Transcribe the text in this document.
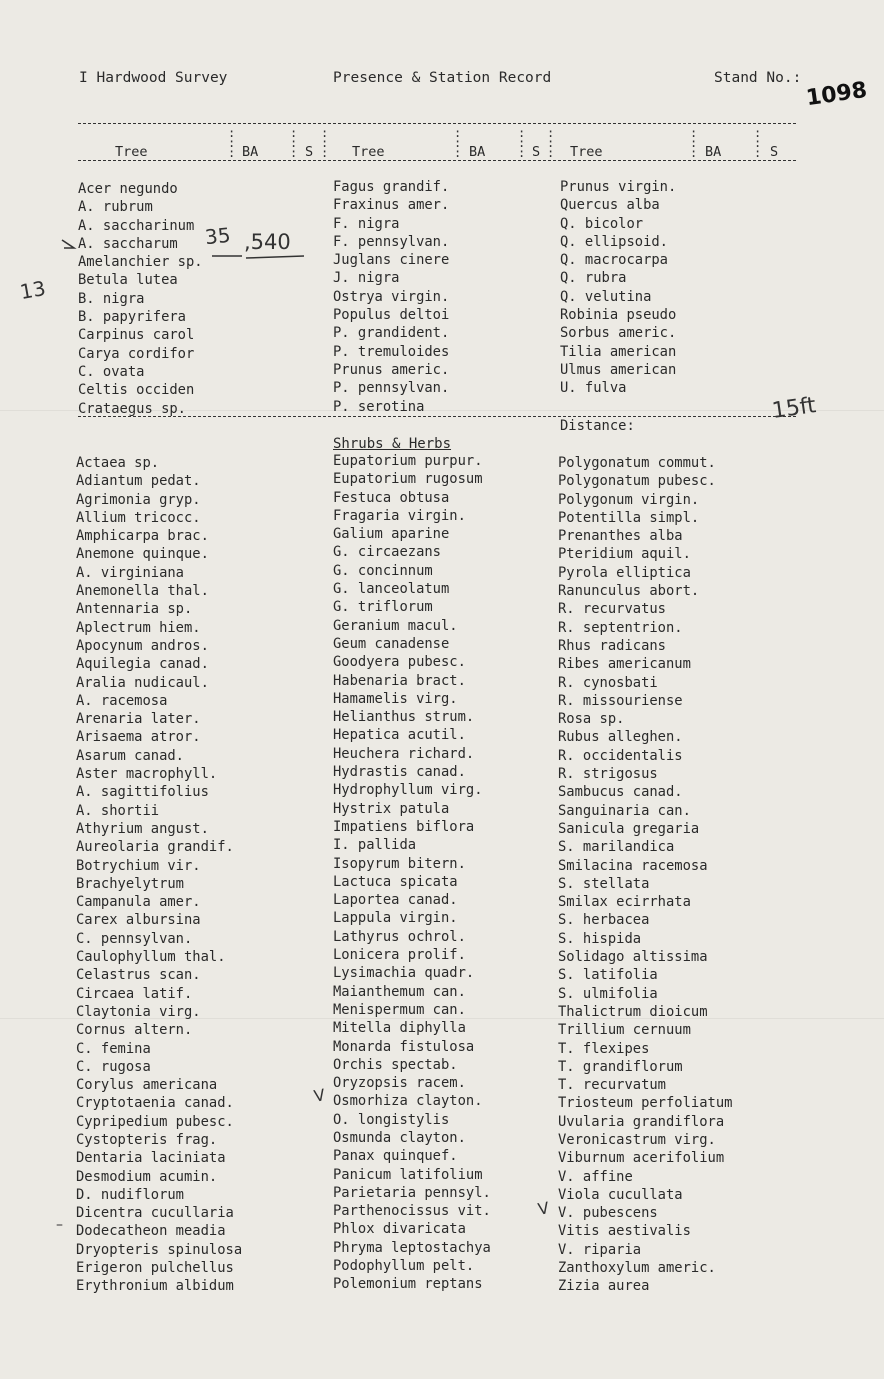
I Hardwood Survey	Presence & Station Record	Stand No.: 1098
Tree	BA	S	Tree	BA	S Tree	BA	S
:
:
:
:
:
:
:
:
:
:
:
:
:
:
:
:
:
:
:
:
:
:
:
:
Acer negundo
A. rubrum
A. saccharinum
A. saccharum
Amelanchier sp.
Betula lutea
B. nigra
B. papyrifera
Carpinus carol
Carya cordifor
C. ovata
Celtis occiden
Crataegus sp.
Fagus grandif.
Fraxinus amer.
F. nigra
F. pennsylvan.
Juglans cinere
J. nigra
Ostrya virgin.
Populus deltoi
P. grandident.
P. tremuloides
Prunus americ.
P. pennsylvan.
P. serotina
Prunus virgin.
Quercus alba
Q. bicolor
Q. ellipsoid.
Q. macrocarpa
Q. rubra
Q. velutina
Robinia pseudo
Sorbus americ.
Tilia american
Ulmus american
U. fulva
Distance:
Shrubs & Herbs
Actaea sp.
Adiantum pedat.
Agrimonia gryp.
Allium tricocc.
Amphicarpa brac.
Anemone quinque.
A. virginiana
Anemonella thal.
Antennaria sp.
Aplectrum hiem.
Apocynum andros.
Aquilegia canad.
Aralia nudicaul.
A. racemosa
Arenaria later.
Arisaema atror.
Asarum canad.
Aster macrophyll.
A. sagittifolius
A. shortii
Athyrium angust.
Aureolaria grandif.
Botrychium vir.
Brachyelytrum
Campanula amer.
Carex albursina
C. pennsylvan.
Caulophyllum thal.
Celastrus scan.
Circaea latif.
Claytonia virg.
Cornus altern.
C. femina
C. rugosa
Corylus americana
Cryptotaenia canad.
Cypripedium pubesc.
Cystopteris frag.
Dentaria laciniata
Desmodium acumin.
D. nudiflorum
Dicentra cucullaria
Dodecatheon meadia
Dryopteris spinulosa
Erigeron pulchellus
Erythronium albidum
Eupatorium purpur.
Eupatorium rugosum
Festuca obtusa
Fragaria virgin.
Galium aparine
G. circaezans
G. concinnum
G. lanceolatum
G. triflorum
Geranium macul.
Geum canadense
Goodyera pubesc.
Habenaria bract.
Hamamelis virg.
Helianthus strum.
Hepatica acutil.
Heuchera richard.
Hydrastis canad.
Hydrophyllum virg.
Hystrix patula
Impatiens biflora
I. pallida
Isopyrum bitern.
Lactuca spicata
Laportea canad.
Lappula virgin.
Lathyrus ochrol.
Lonicera prolif.
Lysimachia quadr.
Maianthemum can.
Menispermum can.
Mitella diphylla
Monarda fistulosa
Orchis spectab.
Oryzopsis racem.
Osmorhiza clayton.
O. longistylis
Osmunda clayton.
Panax quinquef.
Panicum latifolium
Parietaria pennsyl.
Parthenocissus vit.
Phlox divaricata
Phryma leptostachya
Podophyllum pelt.
Polemonium reptans
Polygonatum commut.
Polygonatum pubesc.
Polygonum virgin.
Potentilla simpl.
Prenanthes alba
Pteridium aquil.
Pyrola elliptica
Ranunculus abort.
R. recurvatus
R. septentrion.
Rhus radicans
Ribes americanum
R. cynosbati
R. missouriense
Rosa sp.
Rubus alleghen.
R. occidentalis
R. strigosus
Sambucus canad.
Sanguinaria can.
Sanicula gregaria
S. marilandica
Smilacina racemosa
S. stellata
Smilax ecirrhata
S. herbacea
S. hispida
Solidago altissima
S. latifolia
S. ulmifolia
Thalictrum dioicum
Trillium cernuum
T. flexipes
T. grandiflorum
T. recurvatum
Triosteum perfoliatum
Uvularia grandiflora
Veronicastrum virg.
Viburnum acerifolium
V. affine
Viola cucullata
V. pubescens
Vitis aestivalis
V. riparia
Zanthoxylum americ.
Zizia aurea
35 ,540
13
15ft
V
V
–
